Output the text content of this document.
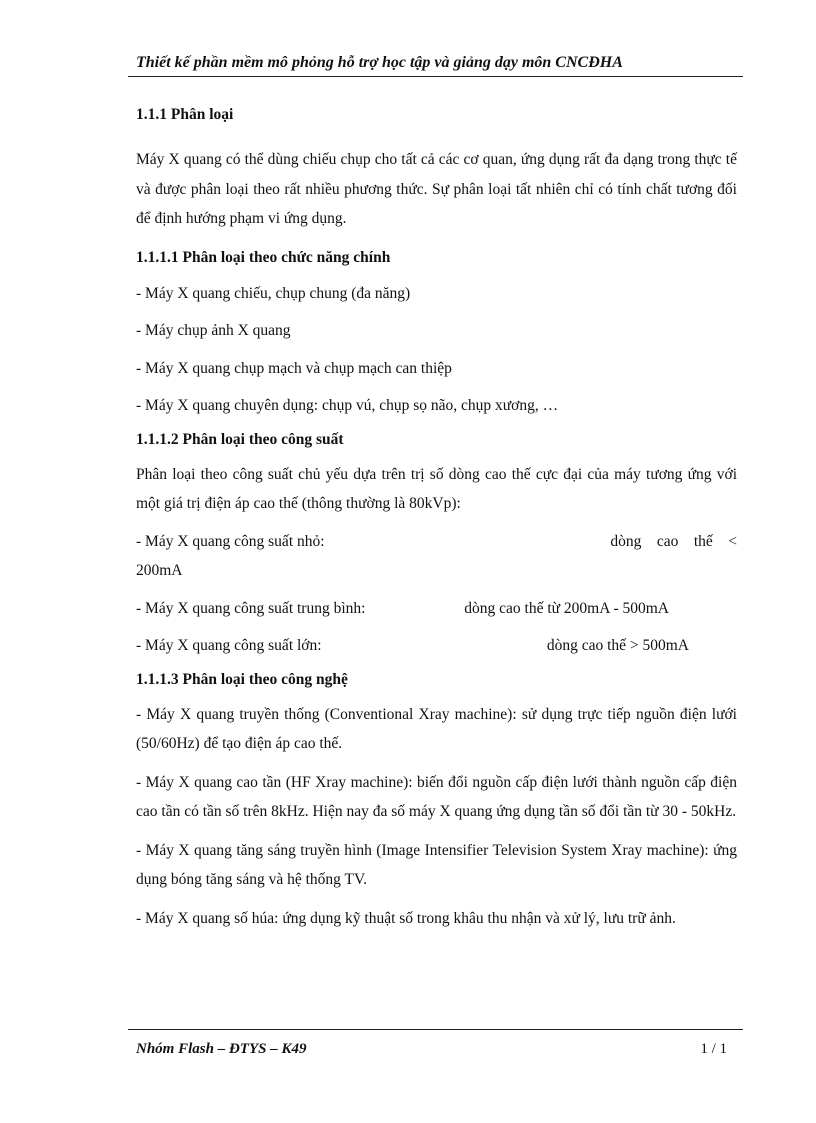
Thiết kế phần mềm mô phỏng hỗ trợ học tập và giảng dạy môn CNCĐHA

1.1.1 Phân loại

Máy X quang có thể dùng chiếu chụp cho tất cả các cơ quan, ứng dụng rất đa dạng trong thực tế và được phân loại theo rất nhiều phương thức. Sự phân loại tất nhiên chỉ có tính chất tương đối để định hướng phạm vi ứng dụng.

1.1.1.1 Phân loại theo chức năng chính

- Máy X quang chiếu, chụp chung (đa năng)

- Máy chụp ảnh X quang

- Máy X quang chụp mạch và chụp mạch can thiệp

- Máy X quang chuyên dụng: chụp vú, chụp sọ não, chụp xương, …

1.1.1.2 Phân loại theo công suất

Phân loại theo công suất chủ yếu dựa trên trị số dòng cao thế cực đại của máy tương ứng với một giá trị điện áp cao thế (thông thường là 80kVp):

- Máy X quang công suất nhỏ:	dòng    cao    thế    <

200mA

- Máy X quang công suất trung bình:	dòng cao thế từ 200mA - 500mA
- Máy X quang công suất lớn:	dòng cao thế > 500mA

1.1.1.3 Phân loại theo công nghệ

- Máy X quang truyền thống (Conventional Xray machine): sử dụng trực tiếp nguồn điện lưới (50/60Hz) để tạo điện áp cao thế.

- Máy X quang cao tần (HF Xray machine): biến đổi nguồn cấp điện lưới thành nguồn cấp điện cao tần có tần số trên 8kHz. Hiện nay đa số máy X quang ứng dụng tần số đổi tần từ 30 - 50kHz.

- Máy X quang tăng sáng truyền hình (Image Intensifier Television System Xray machine): ứng dụng bóng tăng sáng và hệ thống TV.

- Máy X quang số húa: ứng dụng kỹ thuật số trong khâu thu nhận và xử lý, lưu trữ ảnh.

Nhóm Flash – ĐTYS – K49	1 / 1
